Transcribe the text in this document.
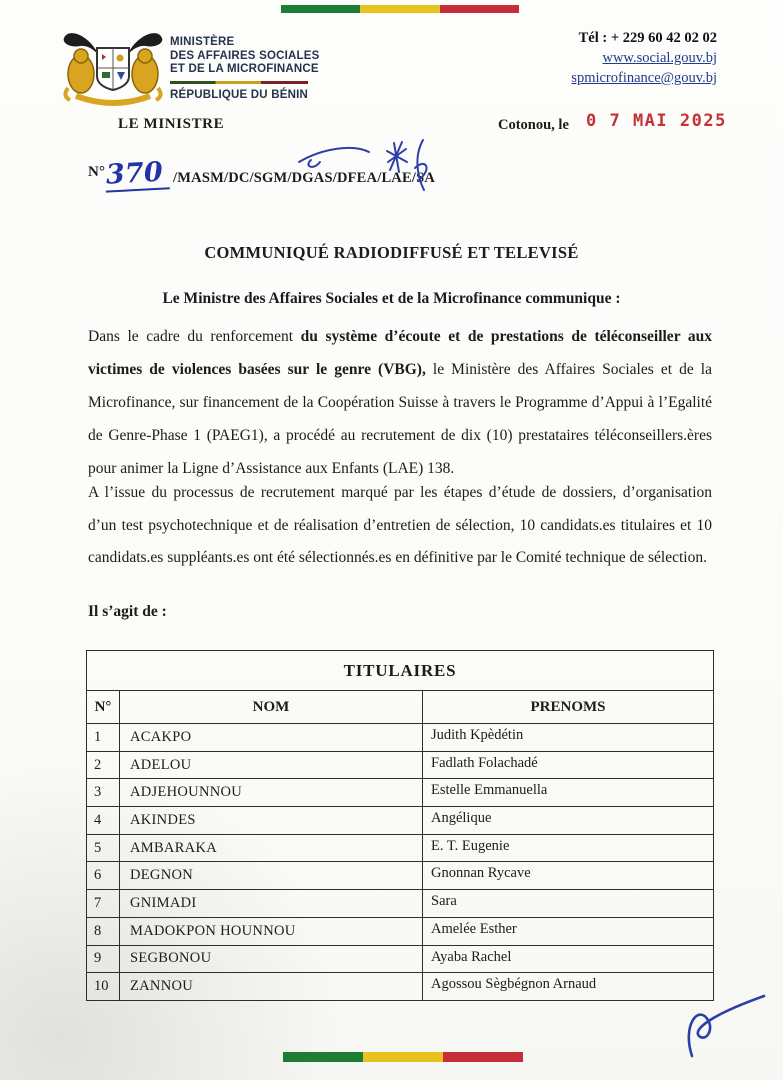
MINISTÈRE
DES AFFAIRES SOCIALES
ET DE LA MICROFINANCE
RÉPUBLIQUE DU BÉNIN
Tél : + 229 60 42 02 02
www.social.gouv.bj
spmicrofinance@gouv.bj
LE MINISTRE	Cotonou, le 0 7 MAI 2025
N°370 /MASM/DC/SGM/DGAS/DFEA/LAE/SA
COMMUNIQUÉ RADIODIFFUSÉ ET TELEVISÉ
Le Ministre des Affaires Sociales et de la Microfinance communique :

Dans le cadre du renforcement du système d’écoute et de prestations de téléconseiller aux victimes de violences basées sur le genre (VBG), le Ministère des Affaires Sociales et de la Microfinance, sur financement de la Coopération Suisse à travers le Programme d’Appui à l’Egalité de Genre-Phase 1 (PAEG1), a procédé au recrutement de dix (10) prestataires téléconseillers.ères pour animer la Ligne d’Assistance aux Enfants (LAE) 138.

A l’issue du processus de recrutement marqué par les étapes d’étude de dossiers, d’organisation d’un test psychotechnique et de réalisation d’entretien de sélection, 10 candidats.es titulaires et 10 candidats.es suppléants.es ont été sélectionnés.es en définitive par le Comité technique de sélection.

Il s’agit de :
TITULAIRES		
N°	NOM	PRENOMS
1	ACAKPO	Judith Kpèdétin
2	ADELOU	Fadlath Folachadé
3	ADJEHOUNNOU	Estelle Emmanuella
4	AKINDES	Angélique
5	AMBARAKA	E. T. Eugenie
6	DEGNON	Gnonnan Rycave
7	GNIMADI	Sara
8	MADOKPON HOUNNOU	Amelée Esther
9	SEGBONOU	Ayaba Rachel
10	ZANNOU	Agossou Sègbégnon Arnaud
